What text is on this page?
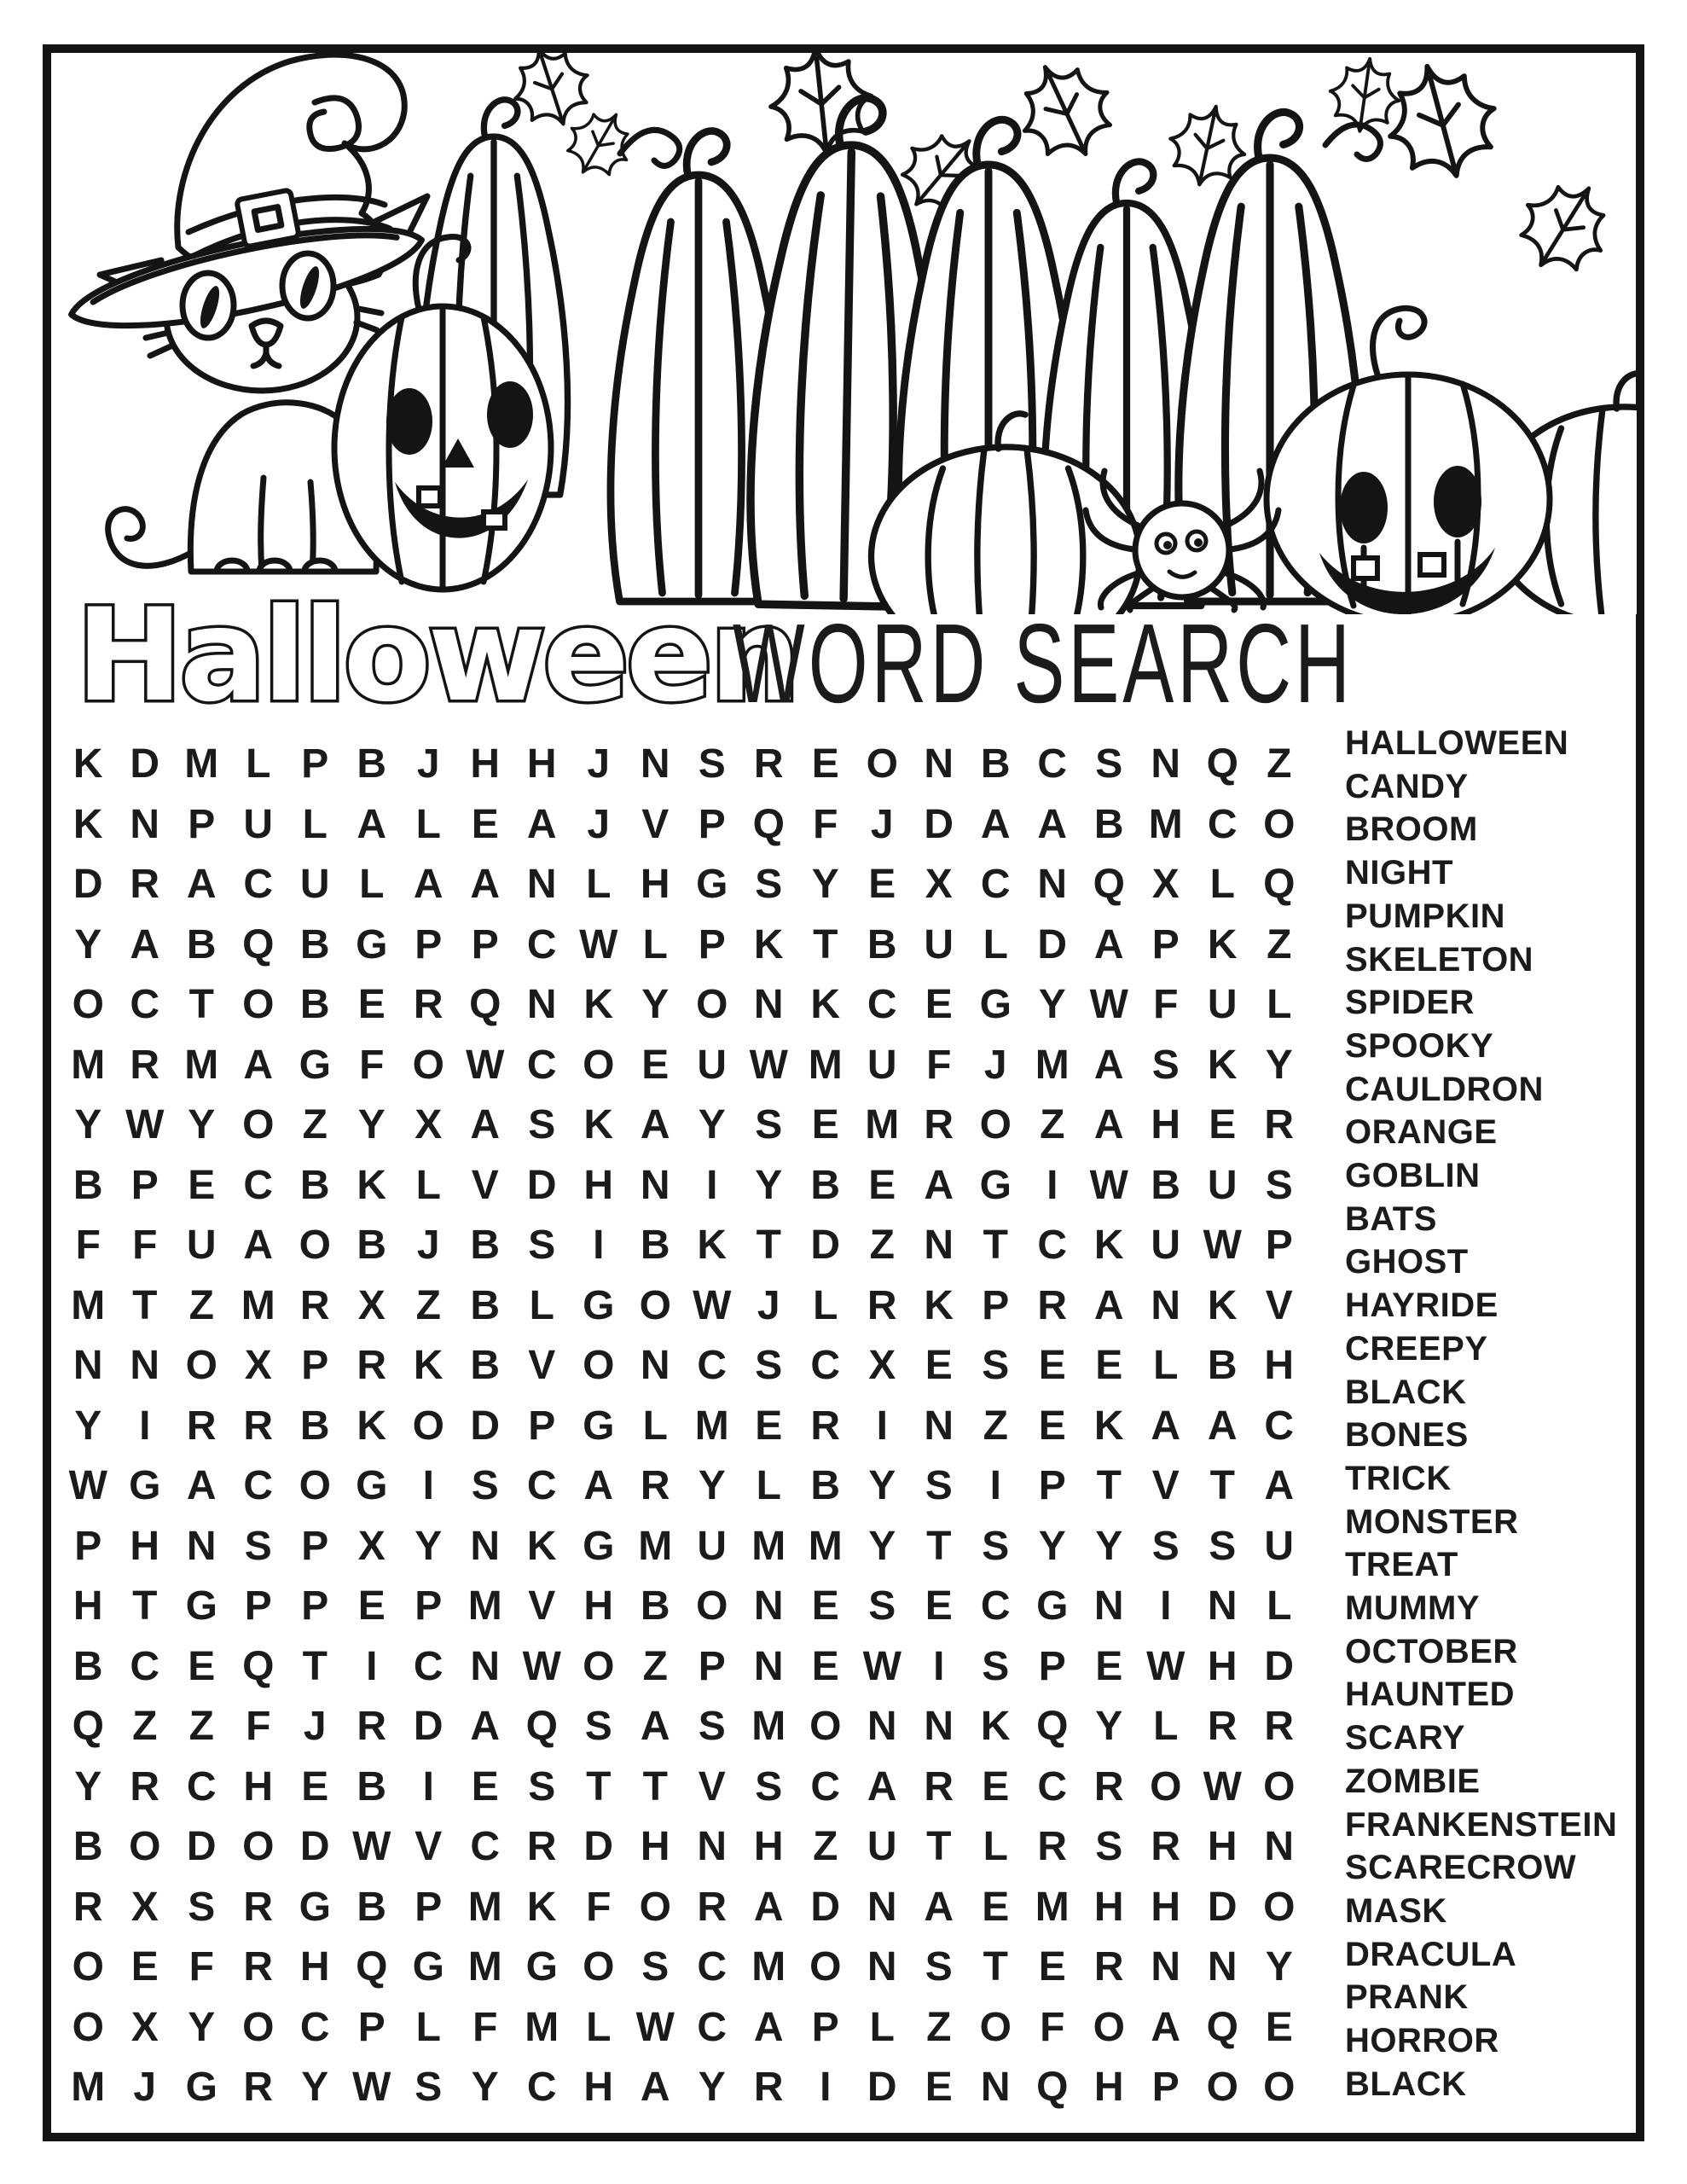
Halloween
WORD SEARCH
K D M L P B J H H J N S R E O N B C S N Q Z
K N P U L A L E A J V P Q F J D A A B M C O
D R A C U L A A N L H G S Y E X C N Q X L Q
Y A B Q B G P P C W L P K T B U L D A P K Z
O C T O B E R Q N K Y O N K C E G Y W F U L
M R M A G F O W C O E U W M U F J M A S K Y
Y W Y O Z Y X A S K A Y S E M R O Z A H E R
B P E C B K L V D H N I Y B E A G I W B U S
F F U A O B J B S I B K T D Z N T C K U W P
M T Z M R X Z B L G O W J L R K P R A N K V
N N O X P R K B V O N C S C X E S E E L B H
Y I R R B K O D P G L M E R I N Z E K A A C
W G A C O G I S C A R Y L B Y S I P T V T A
P H N S P X Y N K G M U M M Y T S Y Y S S U
H T G P P E P M V H B O N E S E C G N I N L
B C E Q T I C N W O Z P N E W I S P E W H D
Q Z Z F J R D A Q S A S M O N N K Q Y L R R
Y R C H E B I E S T T V S C A R E C R O W O
B O D O D W V C R D H N H Z U T L R S R H N
R X S R G B P M K F O R A D N A E M H H D O
O E F R H Q G M G O S C M O N S T E R N N Y
O X Y O C P L F M L W C A P L Z O F O A Q E
M J G R Y W S Y C H A Y R I D E N Q H P O O
HALLOWEEN
CANDY
BROOM
NIGHT
PUMPKIN
SKELETON
SPIDER
SPOOKY
CAULDRON
ORANGE
GOBLIN
BATS
GHOST
HAYRIDE
CREEPY
BLACK
BONES
TRICK
MONSTER
TREAT
MUMMY
OCTOBER
HAUNTED
SCARY
ZOMBIE
FRANKENSTEIN
SCARECROW
MASK
DRACULA
PRANK
HORROR
BLACK
